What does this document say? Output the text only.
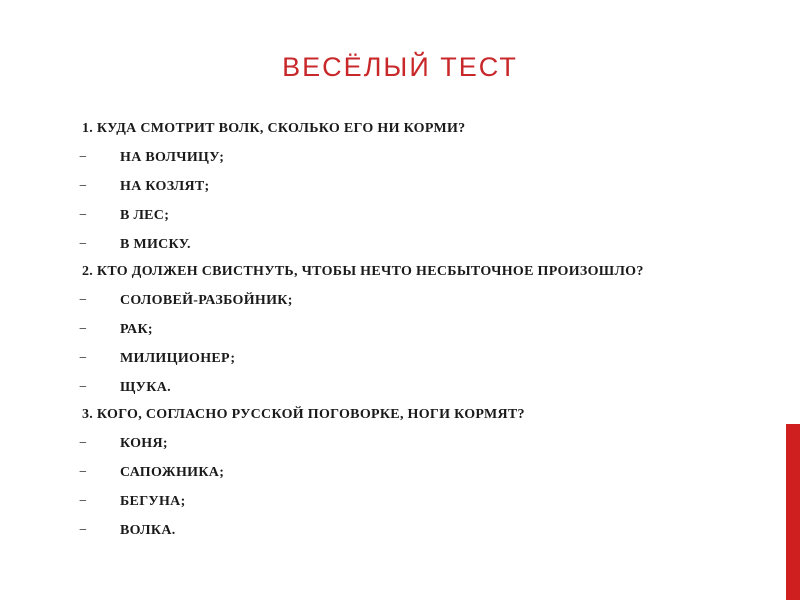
ВЕСЁЛЫЙ ТЕСТ

1. КУДА СМОТРИТ ВОЛК, СКОЛЬКО ЕГО НИ КОРМИ?

− НА ВОЛЧИЦУ;
− НА КОЗЛЯТ;
− В ЛЕС;
− В МИСКУ.

2. КТО ДОЛЖЕН СВИСТНУТЬ, ЧТОБЫ НЕЧТО НЕСБЫТОЧНОЕ ПРОИЗОШЛО?

− СОЛОВЕЙ-РАЗБОЙНИК;
− РАК;
− МИЛИЦИОНЕР;
− ЩУКА.

3. КОГО, СОГЛАСНО РУССКОЙ ПОГОВОРКЕ, НОГИ КОРМЯТ?

− КОНЯ;
− САПОЖНИКА;
− БЕГУНА;
− ВОЛКА.
